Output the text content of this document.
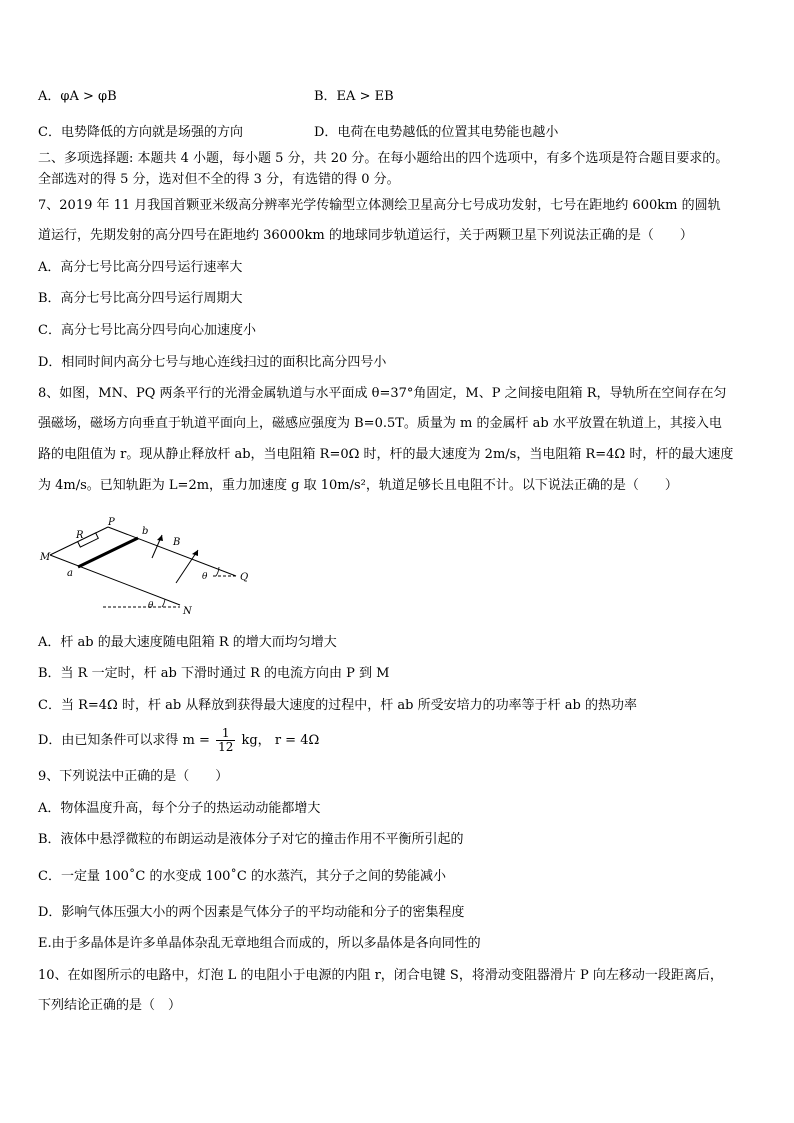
A．φA > φB	B．EA > EB
C．电势降低的方向就是场强的方向	D．电荷在电势越低的位置其电势能也越小
二、多项选择题: 本题共 4 小题，每小题 5 分，共 20 分。在每小题给出的四个选项中，有多个选项是符合题目要求的。
全部选对的得 5 分，选对但不全的得 3 分，有选错的得 0 分。
7、2019 年 11 月我国首颗亚米级高分辨率光学传输型立体测绘卫星高分七号成功发射，七号在距地约 600km 的圆轨
道运行，先期发射的高分四号在距地约 36000km 的地球同步轨道运行，关于两颗卫星下列说法正确的是（　　）
A．高分七号比高分四号运行速率大
B．高分七号比高分四号运行周期大
C．高分七号比高分四号向心加速度小
D．相同时间内高分七号与地心连线扫过的面积比高分四号小
8、如图，MN、PQ 两条平行的光滑金属轨道与水平面成 θ=37°角固定，M、P 之间接电阻箱 R，导轨所在空间存在匀
强磁场，磁场方向垂直于轨道平面向上，磁感应强度为 B=0.5T。质量为 m 的金属杆 ab 水平放置在轨道上，其接入电
路的电阻值为 r。现从静止释放杆 ab，当电阻箱 R=0Ω 时，杆的最大速度为 2m/s，当电阻箱 R=4Ω 时，杆的最大速度
为 4m/s。已知轨距为 L=2m，重力加速度 g 取 10m/s²，轨道足够长且电阻不计。以下说法正确的是（　　）
P
b
R
B
M
a	θ	Q
θ	N
A．杆 ab 的最大速度随电阻箱 R 的增大而均匀增大
B．当 R 一定时，杆 ab 下滑时通过 R 的电流方向由 P 到 M
C．当 R=4Ω 时，杆 ab 从释放到获得最大速度的过程中，杆 ab 所受安培力的功率等于杆 ab 的热功率
D．由已知条件可以求得 $m = \frac{1}{12}$ kg， r = 4Ω
9、下列说法中正确的是（　　）
A．物体温度升高，每个分子的热运动动能都增大
B．液体中悬浮微粒的布朗运动是液体分子对它的撞击作用不平衡所引起的
C．一定量 100˚C 的水变成 100˚C 的水蒸汽，其分子之间的势能减小
D．影响气体压强大小的两个因素是气体分子的平均动能和分子的密集程度
E.由于多晶体是许多单晶体杂乱无章地组合而成的，所以多晶体是各向同性的
10、在如图所示的电路中，灯泡 L 的电阻小于电源的内阻 r，闭合电键 S，将滑动变阻器滑片 P 向左移动一段距离后，
下列结论正确的是（　）
